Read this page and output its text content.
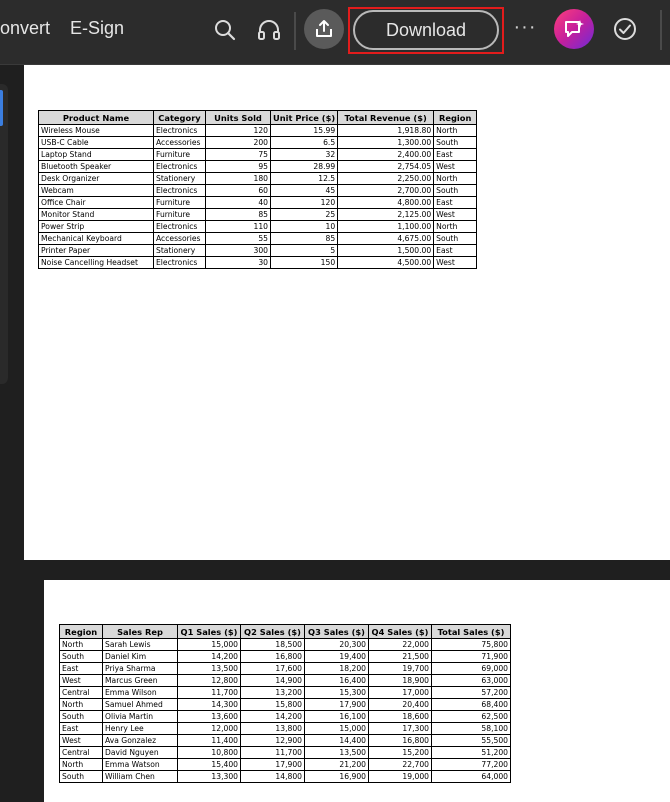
onvert E-Sign	Download	···
Product Name	Category	Units Sold	Unit Price ($)	Total Revenue ($)	Region
Wireless Mouse	Electronics	120	15.99	1,918.80	North
USB-C Cable	Accessories	200	6.5	1,300.00	South
Laptop Stand	Furniture	75	32	2,400.00	East
Bluetooth Speaker	Electronics	95	28.99	2,754.05	West
Desk Organizer	Stationery	180	12.5	2,250.00	North
Webcam	Electronics	60	45	2,700.00	South
Office Chair	Furniture	40	120	4,800.00	East
Monitor Stand	Furniture	85	25	2,125.00	West
Power Strip	Electronics	110	10	1,100.00	North
Mechanical Keyboard	Accessories	55	85	4,675.00	South
Printer Paper	Stationery	300	5	1,500.00	East
Noise Cancelling Headset	Electronics	30	150	4,500.00	West
Region	Sales Rep	Q1 Sales ($)	Q2 Sales ($)	Q3 Sales ($)	Q4 Sales ($)	Total Sales ($)
North	Sarah Lewis	15,000	18,500	20,300	22,000	75,800
South	Daniel Kim	14,200	16,800	19,400	21,500	71,900
East	Priya Sharma	13,500	17,600	18,200	19,700	69,000
West	Marcus Green	12,800	14,900	16,400	18,900	63,000
Central	Emma Wilson	11,700	13,200	15,300	17,000	57,200
North	Samuel Ahmed	14,300	15,800	17,900	20,400	68,400
South	Olivia Martin	13,600	14,200	16,100	18,600	62,500
East	Henry Lee	12,000	13,800	15,000	17,300	58,100
West	Ava Gonzalez	11,400	12,900	14,400	16,800	55,500
Central	David Nguyen	10,800	11,700	13,500	15,200	51,200
North	Emma Watson	15,400	17,900	21,200	22,700	77,200
South	William Chen	13,300	14,800	16,900	19,000	64,000
